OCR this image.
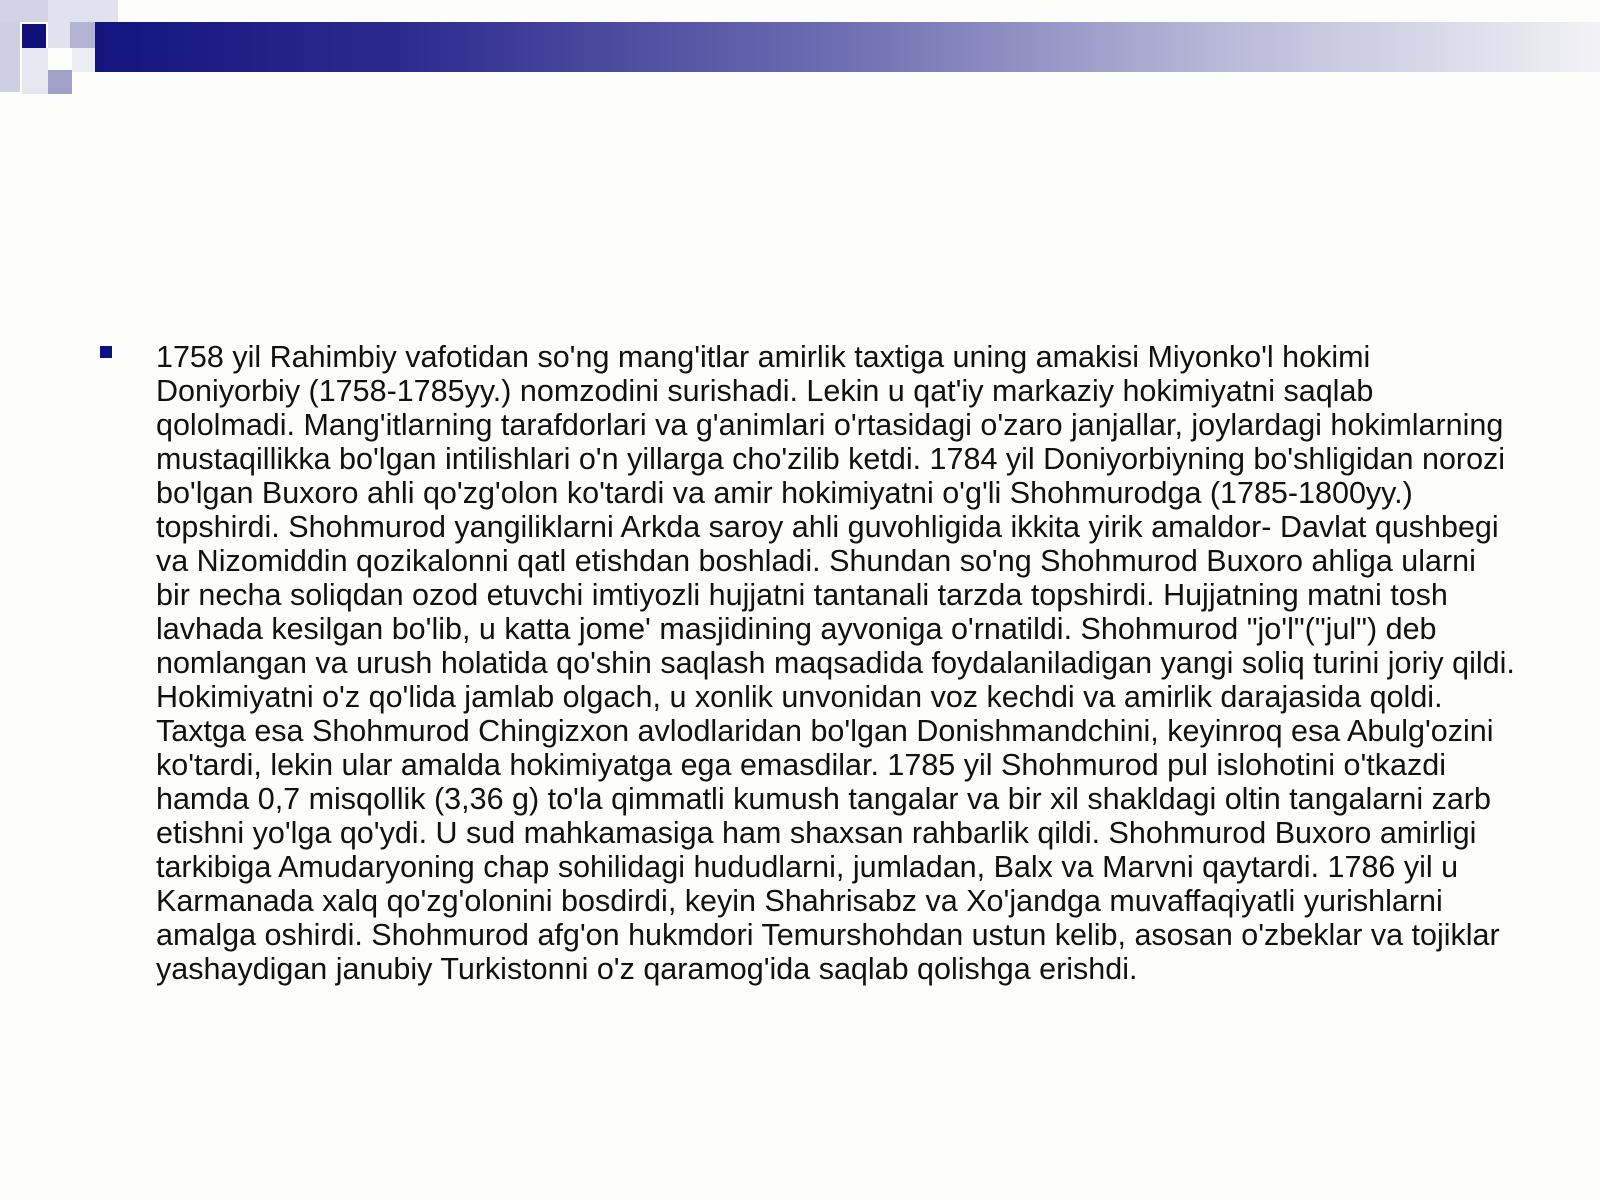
1758 yil Rahimbiy vafotidan so'ng mang'itlar amirlik taxtiga uning amakisi Miyonko'l hokimi Doniyorbiy (1758-1785yy.) nomzodini surishadi. Lekin u qat'iy markaziy hokimiyatni saqlab qololmadi. Mang'itlarning tarafdorlari va g'animlari o'rtasidagi o'zaro janjallar, joylardagi hokimlarning mustaqillikka bo'lgan intilishlari o'n yillarga cho'zilib ketdi. 1784 yil Doniyorbiyning bo'shligidan norozi bo'lgan Buxoro ahli qo'zg'olon ko'tardi va amir hokimiyatni o'g'li Shohmurodga (1785-1800yy.) topshirdi. Shohmurod yangiliklarni Arkda saroy ahli guvohligida ikkita yirik amaldor- Davlat qushbegi va Nizomiddin qozikalonni qatl etishdan boshladi. Shundan so'ng Shohmurod Buxoro ahliga ularni bir necha soliqdan ozod etuvchi imtiyozli hujjatni tantanali tarzda topshirdi. Hujjatning matni tosh lavhada kesilgan bo'lib, u katta jome' masjidining ayvoniga o'rnatildi. Shohmurod "jo'l"("jul") deb nomlangan va urush holatida qo'shin saqlash maqsadida foydalaniladigan yangi soliq turini joriy qildi. Hokimiyatni o'z qo'lida jamlab olgach, u xonlik unvonidan voz kechdi va amirlik darajasida qoldi. Taxtga esa Shohmurod Chingizxon avlodlaridan bo'lgan Donishmandchini, keyinroq esa Abulg'ozini ko'tardi, lekin ular amalda hokimiyatga ega emasdilar. 1785 yil Shohmurod pul islohotini o'tkazdi hamda 0,7 misqollik (3,36 g) to'la qimmatli kumush tangalar va bir xil shakldagi oltin tangalarni zarb etishni yo'lga qo'ydi. U sud mahkamasiga ham shaxsan rahbarlik qildi. Shohmurod Buxoro amirligi tarkibiga Amudaryoning chap sohilidagi hududlarni, jumladan, Balx va Marvni qaytardi. 1786 yil u Karmanada xalq qo'zg'olonini bosdirdi, keyin Shahrisabz va Xo'jandga muvaffaqiyatli yurishlarni amalga oshirdi. Shohmurod afg'on hukmdori Temurshohdan ustun kelib, asosan o'zbeklar va tojiklar yashaydigan janubiy Turkistonni o'z qaramog'ida saqlab qolishga erishdi.
